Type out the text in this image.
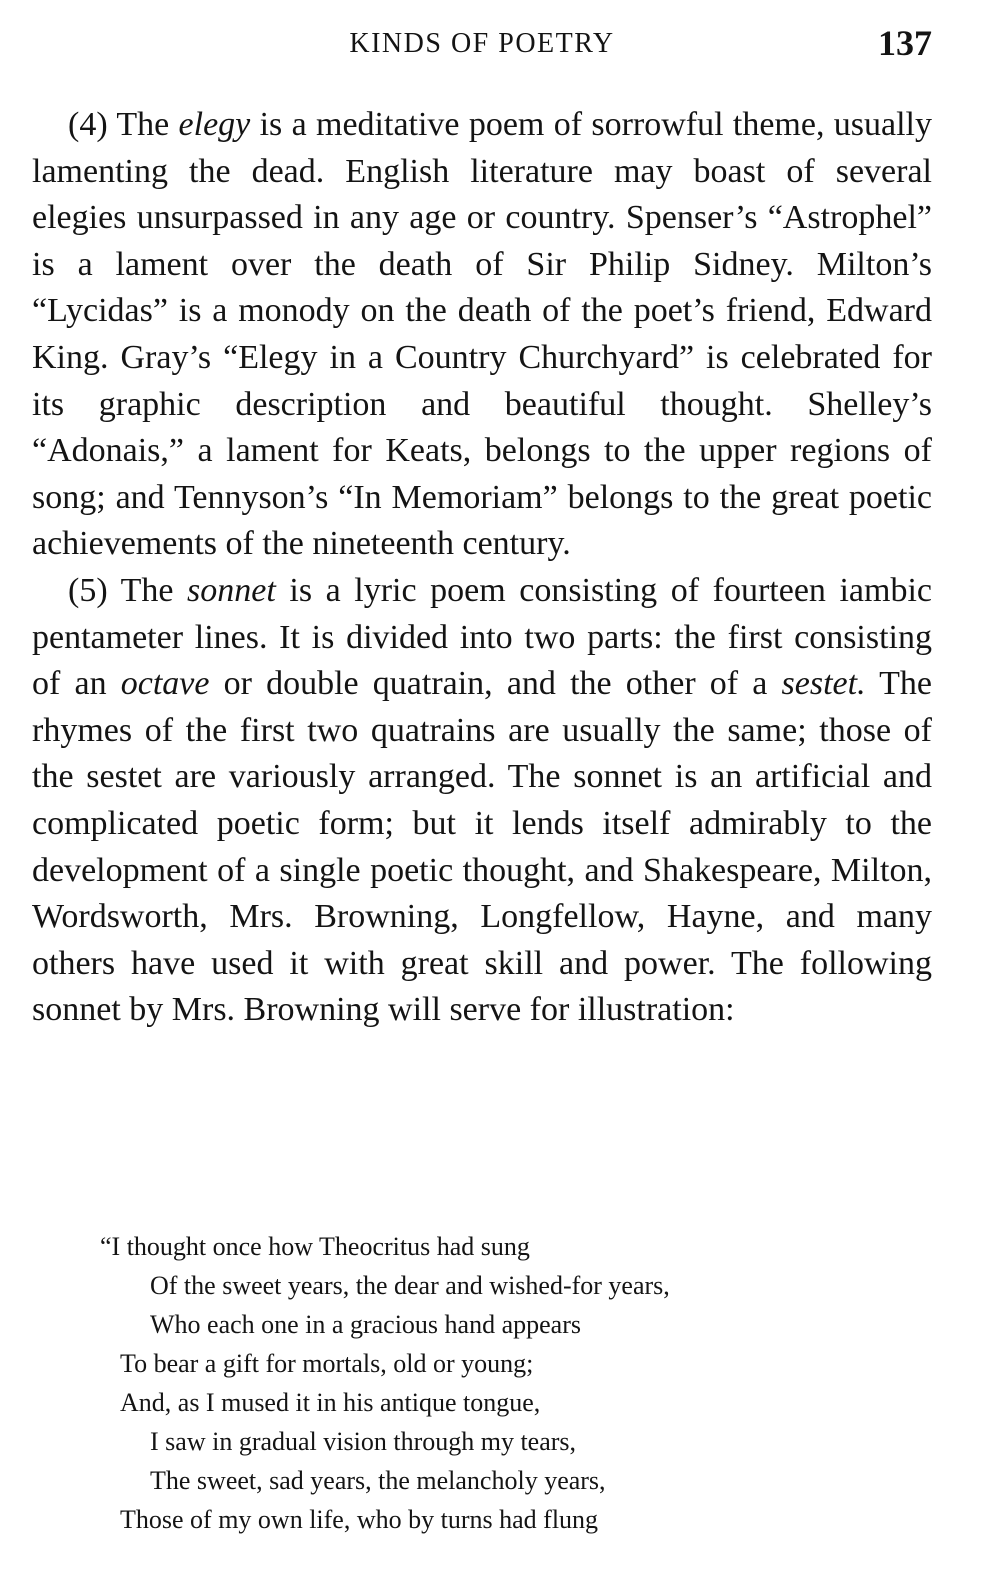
KINDS OF POETRY	137

(4) The elegy is a meditative poem of sorrowful theme, usually lamenting the dead. English literature may boast of several elegies unsurpassed in any age or country. Spenser’s “Astrophel” is a lament over the death of Sir Philip Sidney. Milton’s “Lycidas” is a monody on the death of the poet’s friend, Edward King. Gray’s “Elegy in a Country Churchyard” is celebrated for its graphic description and beautiful thought. Shelley’s “Adonais,” a lament for Keats, belongs to the upper regions of song; and Tennyson’s “In Memoriam” belongs to the great poetic achievements of the nineteenth century.

(5) The sonnet is a lyric poem consisting of fourteen iambic pentameter lines. It is divided into two parts: the first consisting of an octave or double quatrain, and the other of a sestet. The rhymes of the first two quatrains are usually the same; those of the sestet are variously arranged. The sonnet is an artificial and complicated poetic form; but it lends itself admirably to the development of a single poetic thought, and Shakespeare, Milton, Wordsworth, Mrs. Browning, Longfellow, Hayne, and many others have used it with great skill and power. The following sonnet by Mrs. Browning will serve for illustration:

“I thought once how Theocritus had sung
Of the sweet years, the dear and wished-for years,
Who each one in a gracious hand appears
To bear a gift for mortals, old or young;
And, as I mused it in his antique tongue,
I saw in gradual vision through my tears,
The sweet, sad years, the melancholy years,
Those of my own life, who by turns had flung
